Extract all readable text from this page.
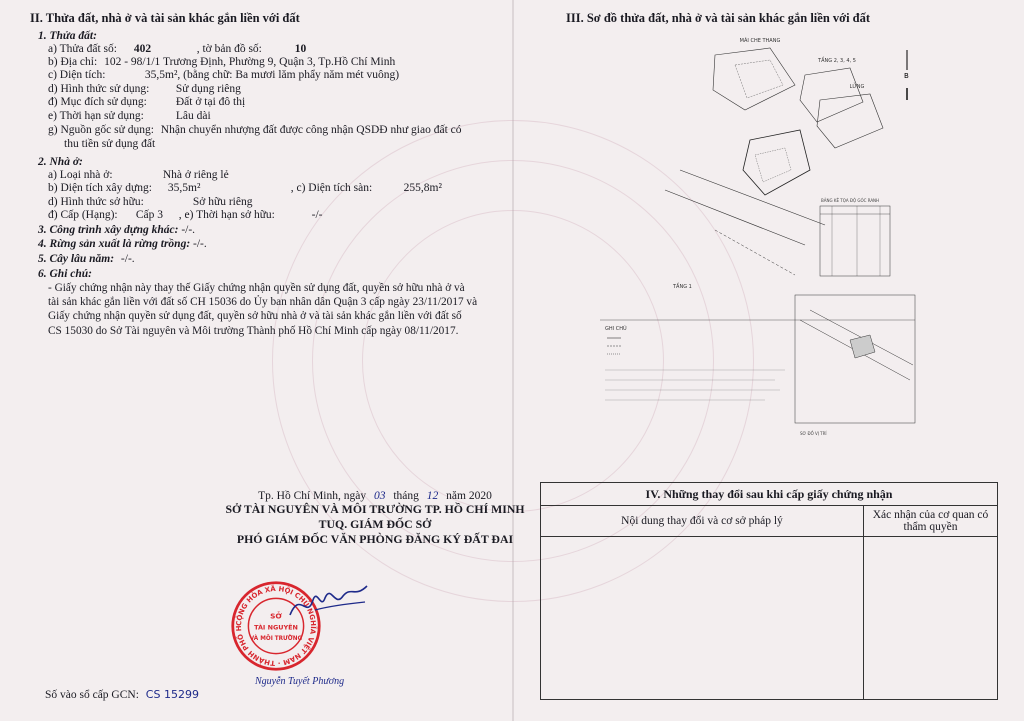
II. Thửa đất, nhà ở và tài sản khác gắn liền với đất
1. Thửa đất:
a) Thửa đất số: 402	, tờ bản đồ số:	10
b) Địa chỉ: 102 - 98/1/1 Trương Định, Phường 9, Quận 3, Tp.Hồ Chí Minh
c) Diện tích:	35,5m², (bằng chữ: Ba mươi lăm phẩy năm mét vuông)
d) Hình thức sử dụng: Sử dụng riêng
đ) Mục đích sử dụng:	Đất ở tại đô thị
e) Thời hạn sử dụng:	Lâu dài
g) Nguồn gốc sử dụng: Nhận chuyển nhượng đất được công nhận QSDĐ như giao đất có
thu tiền sử dụng đất
2. Nhà ở:
a) Loại nhà ở:	Nhà ở riêng lẻ
b) Diện tích xây dựng: 35,5m²	, c) Diện tích sàn:	255,8m²
d) Hình thức sở hữu:	Sở hữu riêng
đ) Cấp (Hạng): Cấp 3 , e) Thời hạn sở hữu:	-/-
3. Công trình xây dựng khác: -/-.
4. Rừng sản xuất là rừng trồng: -/-.
5. Cây lâu năm: -/-.
6. Ghi chú:
- Giấy chứng nhận này thay thế Giấy chứng nhận quyền sử dụng đất, quyền sở hữu nhà ở và tài sản khác gắn liền với đất số CH 15036 do Ủy ban nhân dân Quận 3 cấp ngày 23/11/2017 và Giấy chứng nhận quyền sử dụng đất, quyền sở hữu nhà ở và tài sản khác gắn liền với đất số CS 15030 do Sở Tài nguyên và Môi trường Thành phố Hồ Chí Minh cấp ngày 08/11/2017.
Tp. Hồ Chí Minh, ngày 03 tháng 12 năm 2020
SỞ TÀI NGUYÊN VÀ MÔI TRƯỜNG TP. HỒ CHÍ MINH
TUQ. GIÁM ĐỐC SỞ
PHÓ GIÁM ĐỐC VĂN PHÒNG ĐĂNG KÝ ĐẤT ĐAI
CỘNG HÒA XÃ HỘI CHỦ NGHĨA VIỆT NAM · THÀNH PHỐ H
SỞ
TÀI NGUYÊN
VÀ MÔI TRƯỜNG
Nguyễn Tuyết Phương
Số vào sổ cấp GCN: CS 15299
III. Sơ đồ thửa đất, nhà ở và tài sản khác gắn liền với đất
MÁI CHE THANG
TẦNG 2, 3, 4, 5
LỬNG
B
BẢNG KÊ TỌA ĐỘ GÓC RANH
TẦNG 1
GHI CHÚ
SƠ ĐỒ VỊ TRÍ
IV. Những thay đổi sau khi cấp giấy chứng nhận	
Nội dung thay đổi và cơ sở pháp lý	Xác nhận của cơ quan có thẩm quyền
